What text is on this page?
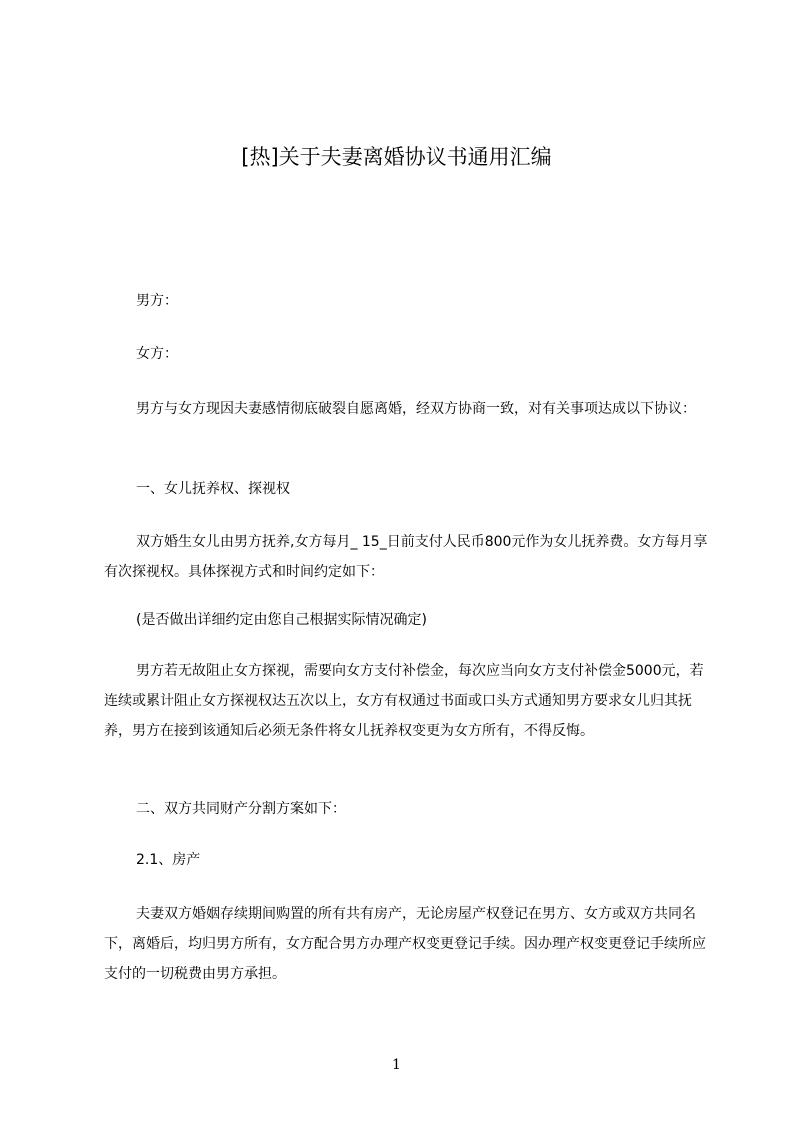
[热]关于夫妻离婚协议书通用汇编
男方：
女方：
男方与女方现因夫妻感情彻底破裂自愿离婚，经双方协商一致，对有关事项达成以下协议：
一、女儿抚养权、探视权
双方婚生女儿由男方抚养,女方每月_ 15_日前支付人民币800元作为女儿抚养费。女方每月享有次探视权。具体探视方式和时间约定如下：
(是否做出详细约定由您自己根据实际情况确定)
男方若无故阻止女方探视，需要向女方支付补偿金，每次应当向女方支付补偿金5000元，若连续或累计阻止女方探视权达五次以上，女方有权通过书面或口头方式通知男方要求女儿归其抚养，男方在接到该通知后必须无条件将女儿抚养权变更为女方所有，不得反悔。
二、双方共同财产分割方案如下：
2.1、房产
夫妻双方婚姻存续期间购置的所有共有房产，无论房屋产权登记在男方、女方或双方共同名下，离婚后，均归男方所有，女方配合男方办理产权变更登记手续。因办理产权变更登记手续所应支付的一切税费由男方承担。
1
